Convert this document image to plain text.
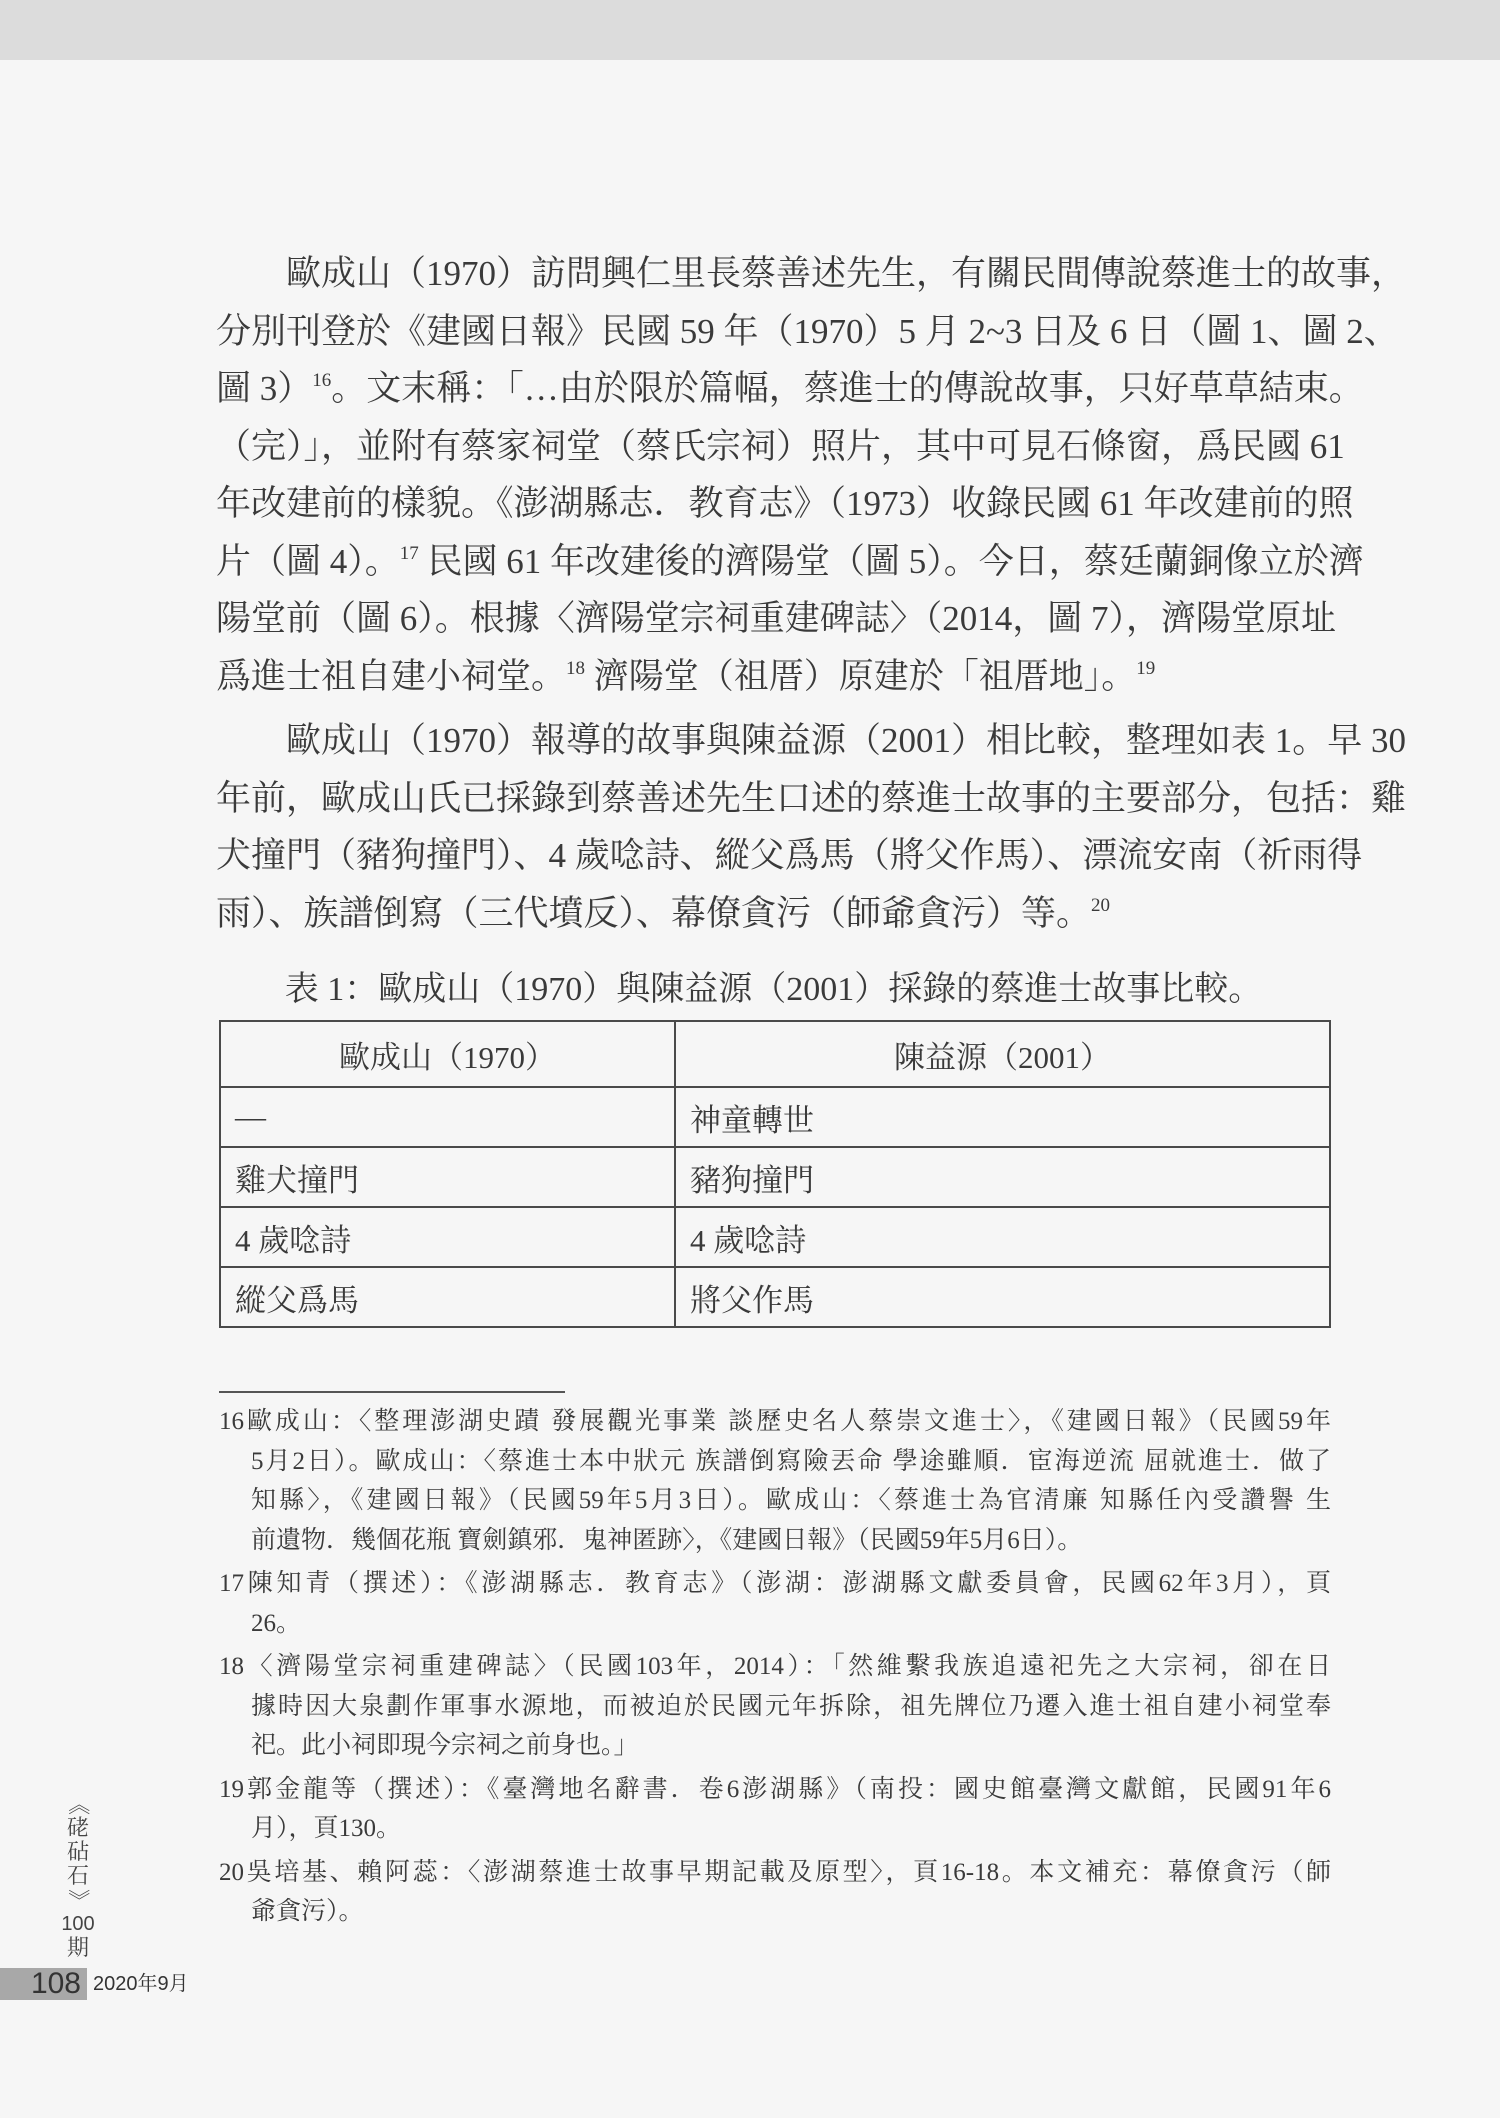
歐成山（1970）訪問興仁里長蔡善述先生，有關民間傳說蔡進士的故事，
分別刊登於《建國日報》民國 59 年（1970）5 月 2~3 日及 6 日（圖 1、圖 2、
圖 3）$^{16}$。文末稱：「…由於限於篇幅，蔡進士的傳說故事，只好草草結束。
（完）」，並附有蔡家祠堂（蔡氏宗祠）照片，其中可見石條窗，爲民國 61
年改建前的樣貌。《澎湖縣志．教育志》（1973）收錄民國 61 年改建前的照
片（圖 4）。$^{17}$ 民國 61 年改建後的濟陽堂（圖 5）。今日，蔡廷蘭銅像立於濟
陽堂前（圖 6）。根據〈濟陽堂宗祠重建碑誌〉（2014，圖 7），濟陽堂原址
爲進士祖自建小祠堂。$^{18}$ 濟陽堂（祖厝）原建於「祖厝地」。$^{19}$
歐成山（1970）報導的故事與陳益源（2001）相比較，整理如表 1。早 30
年前，歐成山氏已採錄到蔡善述先生口述的蔡進士故事的主要部分，包括：雞
犬撞門（豬狗撞門）、4 歲唸詩、縱父爲馬（將父作馬）、漂流安南（祈雨得
雨）、族譜倒寫（三代墳反）、幕僚貪污（師爺貪污）等。$^{20}$
表 1：歐成山（1970）與陳益源（2001）採錄的蔡進士故事比較。
歐成山（1970）	陳益源（2001）
—	神童轉世
雞犬撞門	豬狗撞門
4 歲唸詩	4 歲唸詩
縱父爲馬	將父作馬
16歐成山：〈整理澎湖史蹟 發展觀光事業 談歷史名人蔡崇文進士〉，《建國日報》（民國59年
5月2日）。歐成山：〈蔡進士本中狀元 族譜倒寫險丟命 學途雖順．宦海逆流 屈就進士．做了
知縣〉，《建國日報》（民國59年5月3日）。歐成山：〈蔡進士為官清廉 知縣任內受讚譽 生
前遺物．幾個花瓶 寶劍鎮邪．鬼神匿跡〉，《建國日報》（民國59年5月6日）。
17陳知青（撰述）：《澎湖縣志．教育志》（澎湖：澎湖縣文獻委員會，民國62年3月），頁
26。
18〈濟陽堂宗祠重建碑誌〉（民國103年，2014）：「然維繫我族追遠祀先之大宗祠，卻在日
據時因大泉劃作軍事水源地，而被迫於民國元年拆除，祖先牌位乃遷入進士祖自建小祠堂奉
祀。此小祠即現今宗祠之前身也。」
19郭金龍等（撰述）：《臺灣地名辭書．卷6澎湖縣》（南投：國史館臺灣文獻館，民國91年6
月），頁130。
20吳培基、賴阿蕊：〈澎湖蔡進士故事早期記載及原型〉，頁16-18。本文補充：幕僚貪污（師
爺貪污）。
《
硓
砧
石
》
100
期
108 2020年9月
